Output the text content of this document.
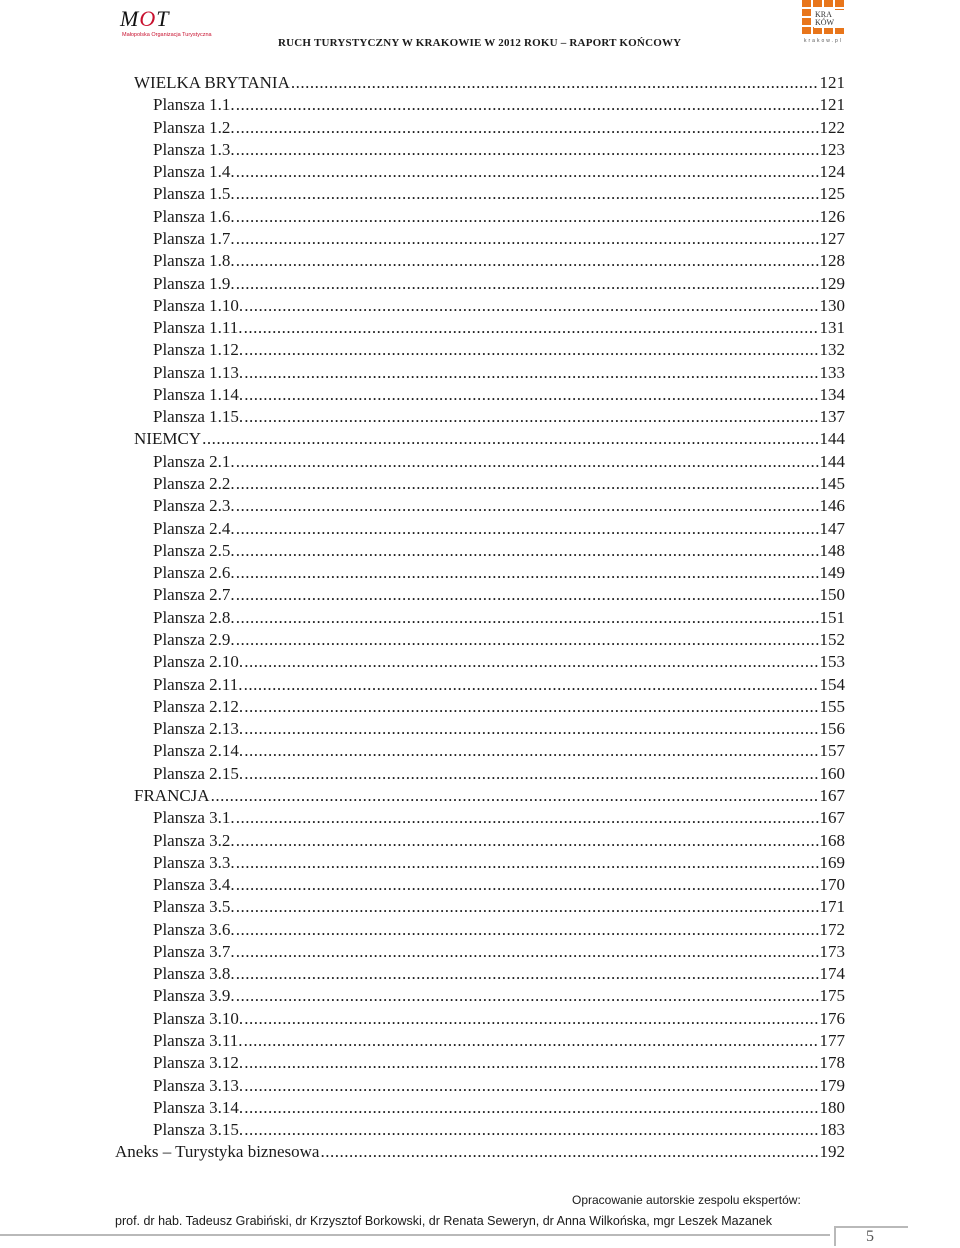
MOT
Małopolska Organizacja Turystyczna
RUCH TURYSTYCZNY W KRAKOWIE W 2012 ROKU – RAPORT KOŃCOWY
KRA KÓW
krakow.pl
WIELKA BRYTANIA .....	121
Plansza 1.1. .....	121
Plansza 1.2. .....	122
Plansza 1.3. .....	123
Plansza 1.4. .....	124
Plansza 1.5. .....	125
Plansza 1.6. .....	126
Plansza 1.7. .....	127
Plansza 1.8. .....	128
Plansza 1.9. .....	129
Plansza 1.10. .....	130
Plansza 1.11. .....	131
Plansza 1.12. .....	132
Plansza 1.13. .....	133
Plansza 1.14. .....	134
Plansza 1.15. .....	137
NIEMCY .....	144
Plansza 2.1. .....	144
Plansza 2.2. .....	145
Plansza 2.3. .....	146
Plansza 2.4. .....	147
Plansza 2.5. .....	148
Plansza 2.6. .....	149
Plansza 2.7. .....	150
Plansza 2.8. .....	151
Plansza 2.9. .....	152
Plansza 2.10. .....	153
Plansza 2.11. .....	154
Plansza 2.12. .....	155
Plansza 2.13. .....	156
Plansza 2.14. .....	157
Plansza 2.15. .....	160
FRANCJA .....	167
Plansza 3.1. .....	167
Plansza 3.2. .....	168
Plansza 3.3. .....	169
Plansza 3.4. .....	170
Plansza 3.5. .....	171
Plansza 3.6. .....	172
Plansza 3.7. .....	173
Plansza 3.8. .....	174
Plansza 3.9. .....	175
Plansza 3.10. .....	176
Plansza 3.11. .....	177
Plansza 3.12. .....	178
Plansza 3.13. .....	179
Plansza 3.14. .....	180
Plansza 3.15. .....	183
Aneks – Turystyka biznesowa .....	192
Opracowanie autorskie zespolu ekspertów:
prof. dr hab. Tadeusz Grabiński, dr Krzysztof Borkowski, dr Renata Seweryn, dr Anna Wilkońska, mgr Leszek Mazanek
5
